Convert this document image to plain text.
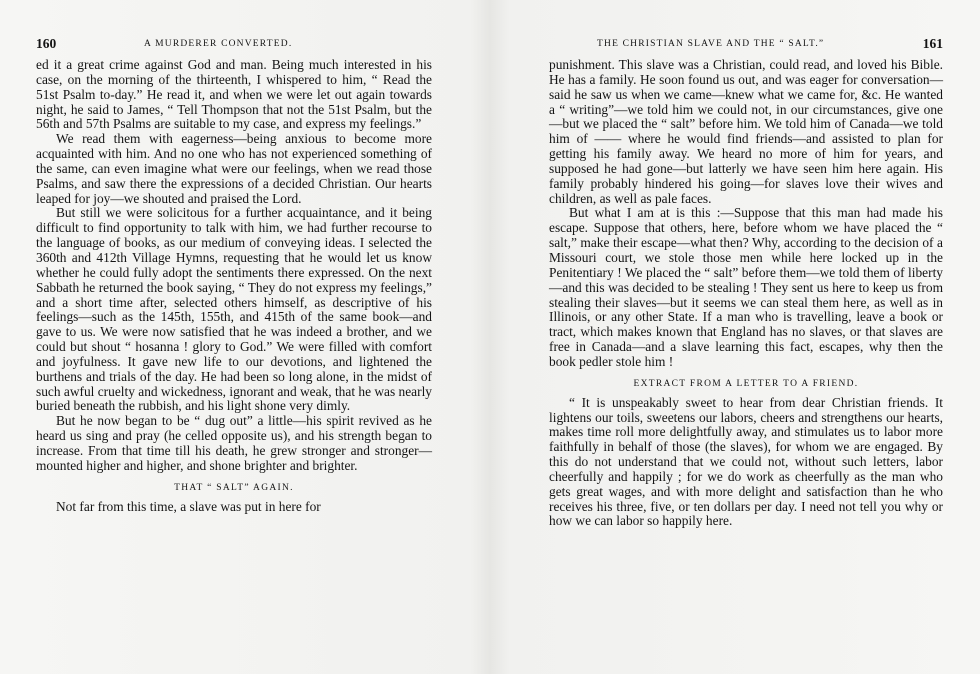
160	A MURDERER CONVERTED.

ed it a great crime against God and man. Being much interested in his case, on the morning of the thirteenth, I whispered to him, “ Read the 51st Psalm to-day.” He read it, and when we were let out again towards night, he said to James, “ Tell Thompson that not the 51st Psalm, but the 56th and 57th Psalms are suitable to my case, and express my feelings.”

We read them with eagerness—being anxious to become more acquainted with him. And no one who has not experienced something of the same, can even imagine what were our feelings, when we read those Psalms, and saw there the expressions of a decided Christian. Our hearts leaped for joy—we shouted and praised the Lord.

But still we were solicitous for a further acquaintance, and it being difficult to find opportunity to talk with him, we had further recourse to the language of books, as our medium of conveying ideas. I selected the 360th and 412th Village Hymns, requesting that he would let us know whether he could fully adopt the sentiments there expressed. On the next Sabbath he returned the book saying, “ They do not express my feelings,” and a short time after, selected others himself, as descriptive of his feelings—such as the 145th, 155th, and 415th of the same book—and gave to us. We were now satisfied that he was indeed a brother, and we could but shout “ hosanna ! glory to God.” We were filled with comfort and joyfulness. It gave new life to our devotions, and lightened the burthens and trials of the day. He had been so long alone, in the midst of such awful cruelty and wickedness, ignorant and weak, that he was nearly buried beneath the rubbish, and his light shone very dimly.

But he now began to be “ dug out” a little—his spirit revived as he heard us sing and pray (he celled opposite us), and his strength began to increase. From that time till his death, he grew stronger and stronger—mounted higher and higher, and shone brighter and brighter.

THAT “ SALT” AGAIN.

Not far from this time, a slave was put in here for

THE CHRISTIAN SLAVE AND THE “ SALT.”	161

punishment. This slave was a Christian, could read, and loved his Bible. He has a family. He soon found us out, and was eager for conversation—said he saw us when we came—knew what we came for, &c. He wanted a “ writing”—we told him we could not, in our circumstances, give one—but we placed the “ salt” before him. We told him of Canada—we told him of —— where he would find friends—and assisted to plan for getting his family away. We heard no more of him for years, and supposed he had gone—but latterly we have seen him here again. His family probably hindered his going—for slaves love their wives and children, as well as pale faces.

But what I am at is this :—Suppose that this man had made his escape. Suppose that others, here, before whom we have placed the “ salt,” make their escape—what then? Why, according to the decision of a Missouri court, we stole those men while here locked up in the Penitentiary ! We placed the “ salt” before them—we told them of liberty—and this was decided to be stealing ! They sent us here to keep us from stealing their slaves—but it seems we can steal them here, as well as in Illinois, or any other State. If a man who is travelling, leave a book or tract, which makes known that England has no slaves, or that slaves are free in Canada—and a slave learning this fact, escapes, why then the book pedler stole him !

EXTRACT FROM A LETTER TO A FRIEND.

“ It is unspeakably sweet to hear from dear Christian friends. It lightens our toils, sweetens our labors, cheers and strengthens our hearts, makes time roll more delightfully away, and stimulates us to labor more faithfully in behalf of those (the slaves), for whom we are engaged. By this do not understand that we could not, without such letters, labor cheerfully and happily ; for we do work as cheerfully as the man who gets great wages, and with more delight and satisfaction than he who receives his three, five, or ten dollars per day. I need not tell you why or how we can labor so happily here.
